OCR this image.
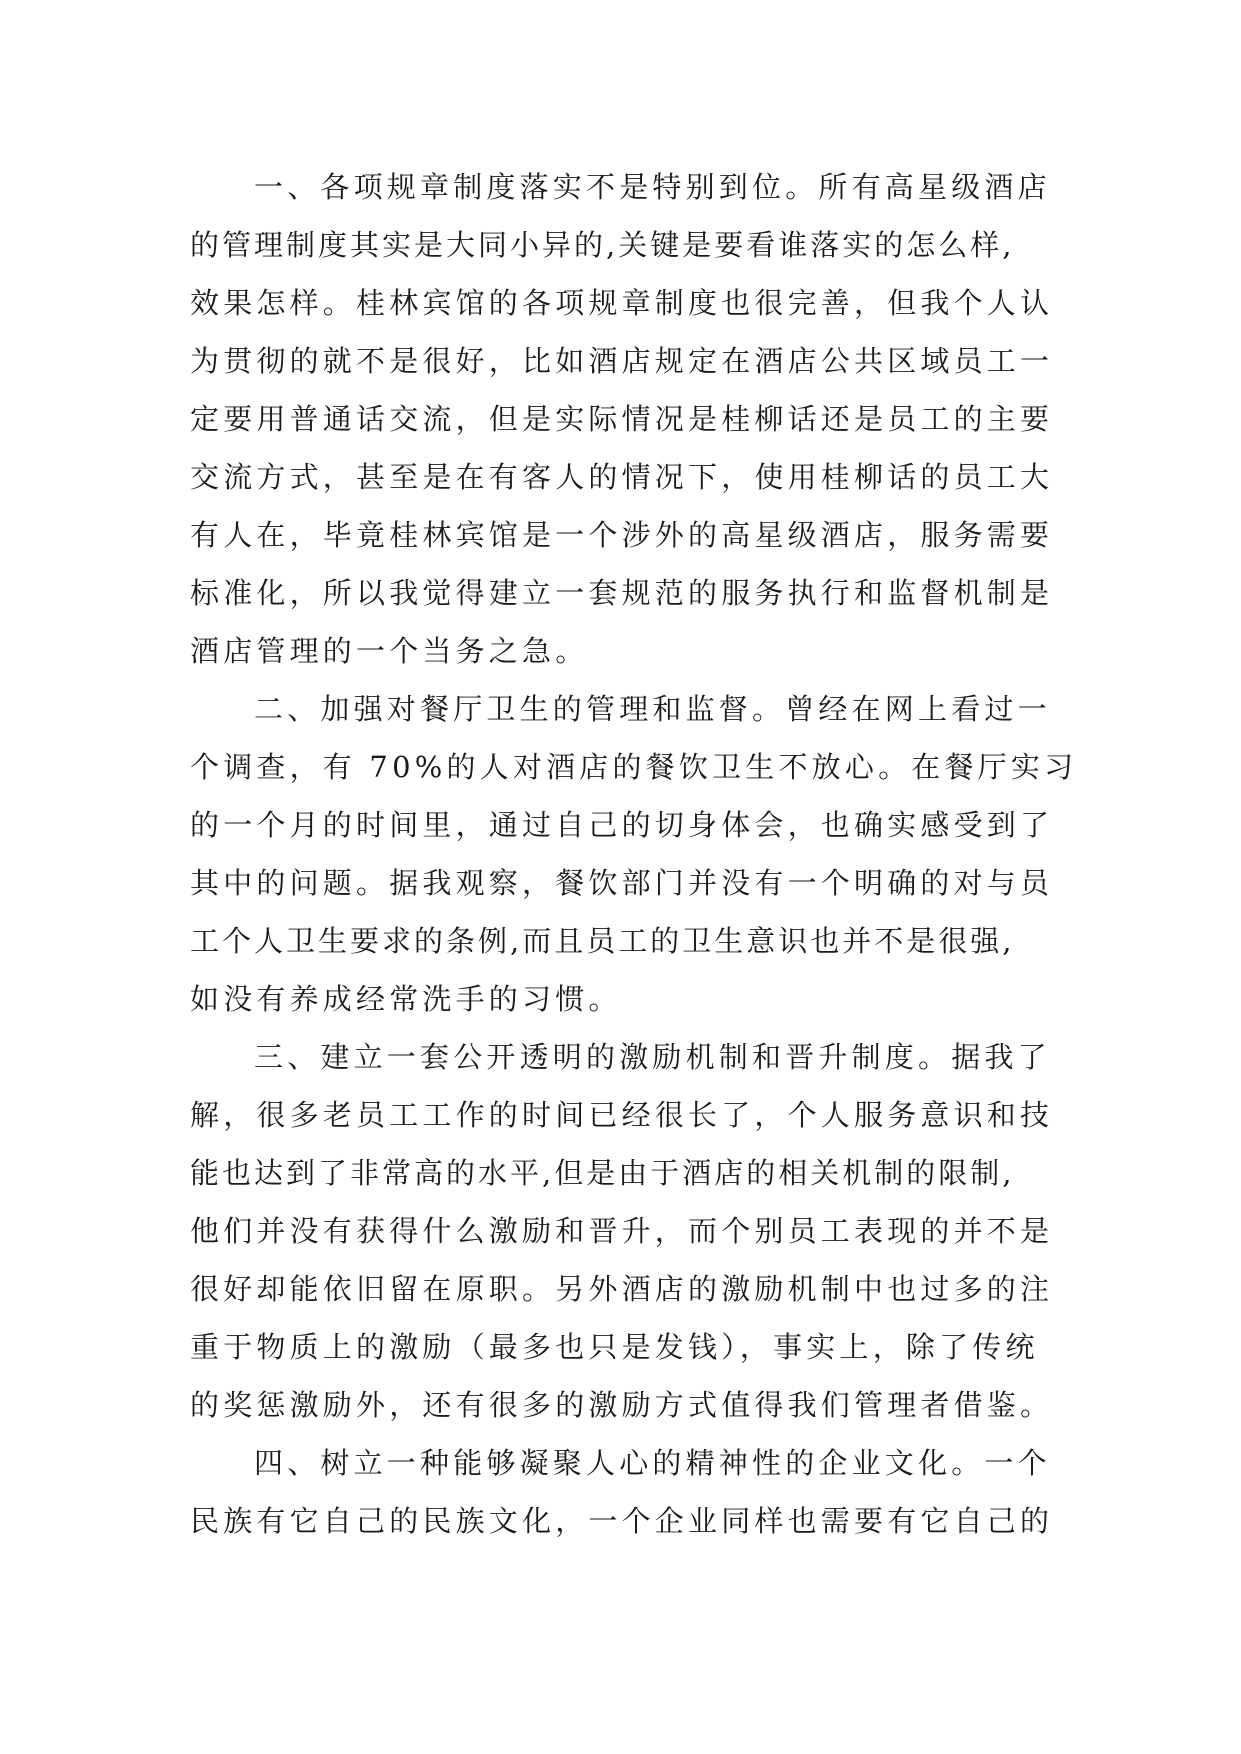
一、各项规章制度落实不是特别到位。所有高星级酒店
的管理制度其实是大同小异的,关键是要看谁落实的怎么样,
效果怎样。桂林宾馆的各项规章制度也很完善，但我个人认
为贯彻的就不是很好，比如酒店规定在酒店公共区域员工一
定要用普通话交流，但是实际情况是桂柳话还是员工的主要
交流方式，甚至是在有客人的情况下，使用桂柳话的员工大
有人在，毕竟桂林宾馆是一个涉外的高星级酒店，服务需要
标准化，所以我觉得建立一套规范的服务执行和监督机制是
酒店管理的一个当务之急。
二、加强对餐厅卫生的管理和监督。曾经在网上看过一
个调查，有 70%的人对酒店的餐饮卫生不放心。在餐厅实习
的一个月的时间里，通过自己的切身体会，也确实感受到了
其中的问题。据我观察，餐饮部门并没有一个明确的对与员
工个人卫生要求的条例,而且员工的卫生意识也并不是很强,
如没有养成经常洗手的习惯。
三、建立一套公开透明的激励机制和晋升制度。据我了
解，很多老员工工作的时间已经很长了，个人服务意识和技
能也达到了非常高的水平,但是由于酒店的相关机制的限制,
他们并没有获得什么激励和晋升，而个别员工表现的并不是
很好却能依旧留在原职。另外酒店的激励机制中也过多的注
重于物质上的激励（最多也只是发钱），事实上，除了传统
的奖惩激励外，还有很多的激励方式值得我们管理者借鉴。
四、树立一种能够凝聚人心的精神性的企业文化。一个
民族有它自己的民族文化，一个企业同样也需要有它自己的
